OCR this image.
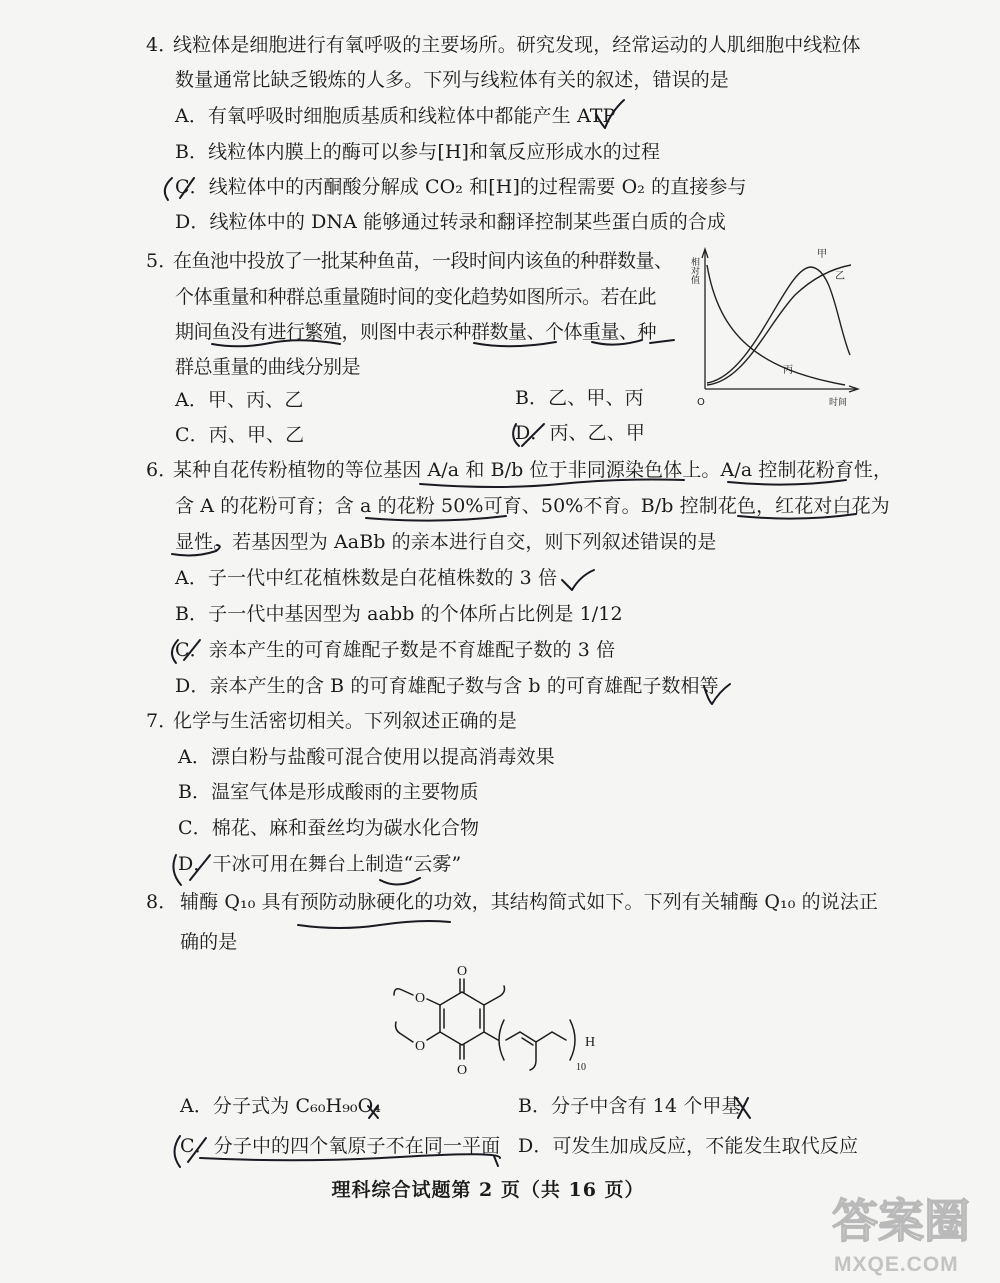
4．
线粒体是细胞进行有氧呼吸的主要场所。研究发现，经常运动的人肌细胞中线粒体
数量通常比缺乏锻炼的人多。下列与线粒体有关的叙述，错误的是
A．有氧呼吸时细胞质基质和线粒体中都能产生 ATP
B．线粒体内膜上的酶可以参与[H]和氧反应形成水的过程
C．线粒体中的丙酮酸分解成 CO₂ 和[H]的过程需要 O₂ 的直接参与
D．线粒体中的 DNA 能够通过转录和翻译控制某些蛋白质的合成
5．
在鱼池中投放了一批某种鱼苗，一段时间内该鱼的种群数量、
个体重量和种群总重量随时间的变化趋势如图所示。若在此
期间鱼没有进行繁殖，则图中表示种群数量、个体重量、种
群总重量的曲线分别是
相对值
O	时间
甲
乙
丙
A．甲、丙、乙	B．乙、甲、丙
C．丙、甲、乙	D．丙、乙、甲
6．
某种自花传粉植物的等位基因 A/a 和 B/b 位于非同源染色体上。A/a 控制花粉育性，
含 A 的花粉可育；含 a 的花粉 50%可育、50%不育。B/b 控制花色，红花对白花为
显性。若基因型为 AaBb 的亲本进行自交，则下列叙述错误的是
A．子一代中红花植株数是白花植株数的 3 倍
B．子一代中基因型为 aabb 的个体所占比例是 1/12
C．亲本产生的可育雄配子数是不育雄配子数的 3 倍
D．亲本产生的含 B 的可育雄配子数与含 b 的可育雄配子数相等
7．
化学与生活密切相关。下列叙述正确的是
A．漂白粉与盐酸可混合使用以提高消毒效果
B．温室气体是形成酸雨的主要物质
C．棉花、麻和蚕丝均为碳水化合物
D．干冰可用在舞台上制造“云雾”
8． 辅酶 Q₁₀ 具有预防动脉硬化的功效，其结构简式如下。下列有关辅酶 Q₁₀ 的说法正
确的是
O
O
O
O
10
H
A．分子式为 C₆₀H₉₀O₄	B．分子中含有 14 个甲基
C．分子中的四个氧原子不在同一平面 D．可发生加成反应，不能发生取代反应
理科综合试题第 2 页（共 16 页）
答案圈
MXQE.COM
